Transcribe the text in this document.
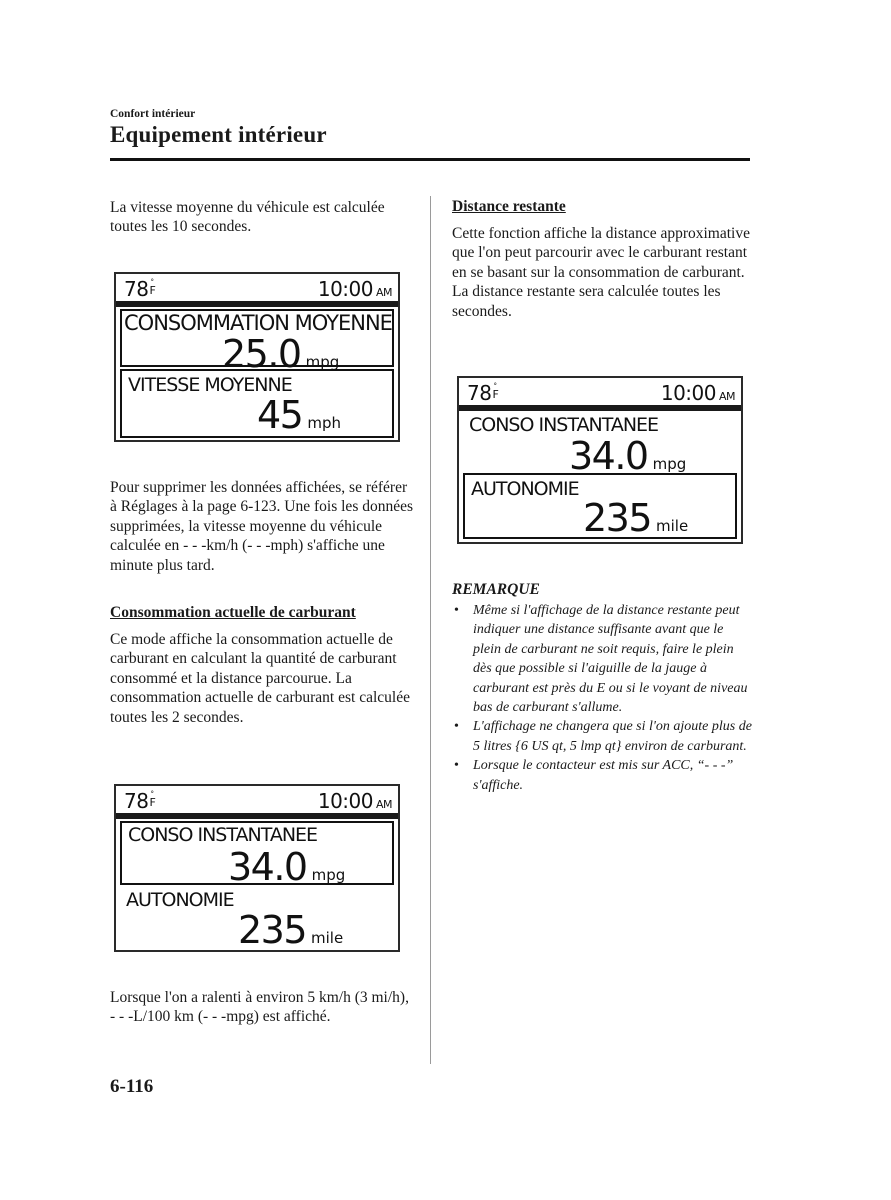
Confort intérieur
Equipement intérieur

La vitesse moyenne du véhicule est calculée toutes les 10 secondes.

78 °
F	10:00 AM
CONSOMMATION MOYENNE
25.0 mpg
VITESSE MOYENNE
45 mph

Pour supprimer les données affichées, se référer à Réglages à la page 6-123. Une fois les données supprimées, la vitesse moyenne du véhicule calculée en - - -km/h (- - -mph) s'affiche une minute plus tard.

Consommation actuelle de carburant

Ce mode affiche la consommation actuelle de carburant en calculant la quantité de carburant consommé et la distance parcourue. La consommation actuelle de carburant est calculée toutes les 2 secondes.

78 °
F	10:00 AM
CONSO INSTANTANEE
34.0 mpg
AUTONOMIE
235 mile

Lorsque l'on a ralenti à environ 5 km/h (3 mi/h), - - -L/100 km (- - -mpg) est affiché.

Distance restante

Cette fonction affiche la distance approximative que l'on peut parcourir avec le carburant restant en se basant sur la consommation de carburant. La distance restante sera calculée toutes les secondes.

78 °
F	10:00 AM
CONSO INSTANTANEE
34.0 mpg
AUTONOMIE
235 mile
REMARQUE
• Même si l'affichage de la distance restante peut indiquer une distance suffisante avant que le plein de carburant ne soit requis, faire le plein dès que possible si l'aiguille de la jauge à carburant est près du E ou si le voyant de niveau bas de carburant s'allume.
• L'affichage ne changera que si l'on ajoute plus de 5 litres {6 US qt, 5 lmp qt} environ de carburant.
• Lorsque le contacteur est mis sur ACC, “- - -” s'affiche.
6-116
